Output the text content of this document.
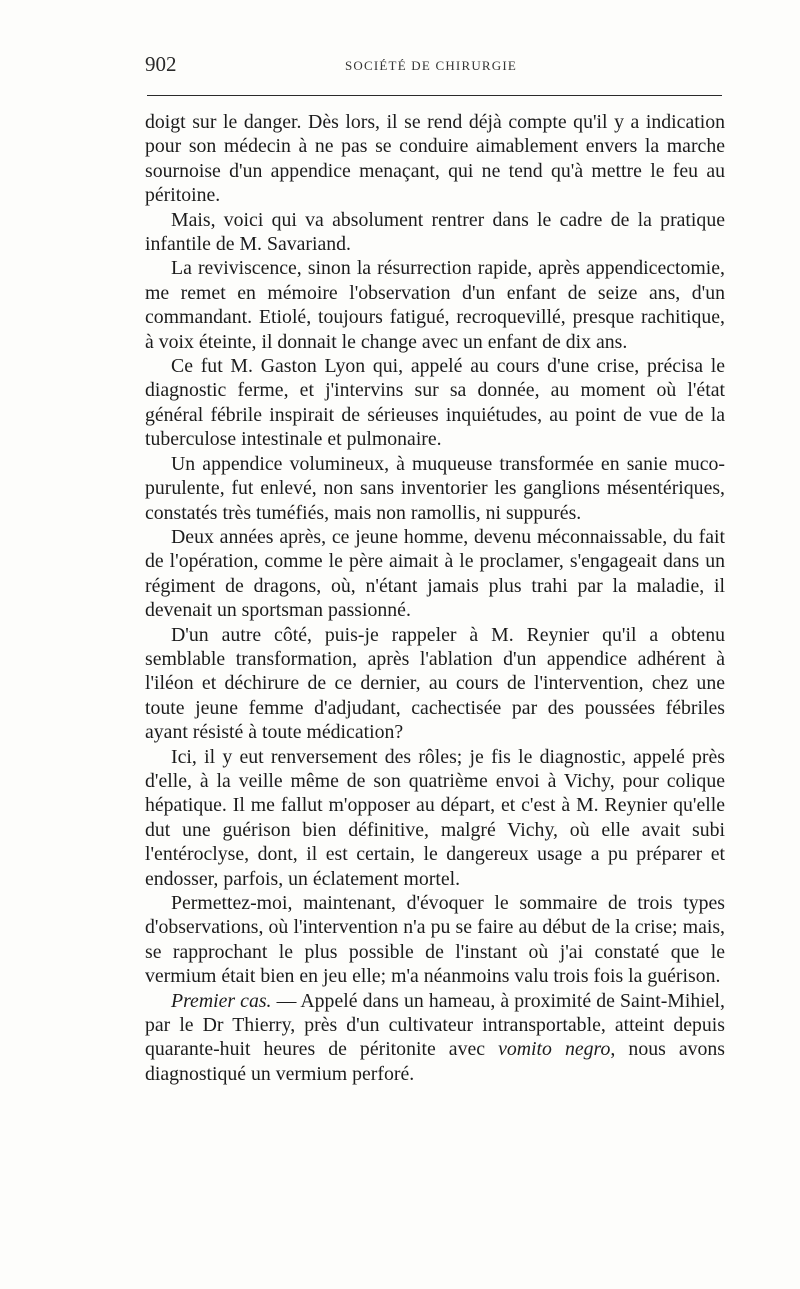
902	SOCIÉTÉ DE CHIRURGIE

doigt sur le danger. Dès lors, il se rend déjà compte qu'il y a indication pour son médecin à ne pas se conduire aimablement envers la marche sournoise d'un appendice menaçant, qui ne tend qu'à mettre le feu au péritoine.

Mais, voici qui va absolument rentrer dans le cadre de la pratique infantile de M. Savariand.

La reviviscence, sinon la résurrection rapide, après appendicectomie, me remet en mémoire l'observation d'un enfant de seize ans, d'un commandant. Etiolé, toujours fatigué, recroquevillé, presque rachitique, à voix éteinte, il donnait le change avec un enfant de dix ans.

Ce fut M. Gaston Lyon qui, appelé au cours d'une crise, précisa le diagnostic ferme, et j'intervins sur sa donnée, au moment où l'état général fébrile inspirait de sérieuses inquiétudes, au point de vue de la tuberculose intestinale et pulmonaire.

Un appendice volumineux, à muqueuse transformée en sanie muco-purulente, fut enlevé, non sans inventorier les ganglions mésentériques, constatés très tuméfiés, mais non ramollis, ni suppurés.

Deux années après, ce jeune homme, devenu méconnaissable, du fait de l'opération, comme le père aimait à le proclamer, s'engageait dans un régiment de dragons, où, n'étant jamais plus trahi par la maladie, il devenait un sportsman passionné.

D'un autre côté, puis-je rappeler à M. Reynier qu'il a obtenu semblable transformation, après l'ablation d'un appendice adhérent à l'iléon et déchirure de ce dernier, au cours de l'intervention, chez une toute jeune femme d'adjudant, cachectisée par des poussées fébriles ayant résisté à toute médication?

Ici, il y eut renversement des rôles; je fis le diagnostic, appelé près d'elle, à la veille même de son quatrième envoi à Vichy, pour colique hépatique. Il me fallut m'opposer au départ, et c'est à M. Reynier qu'elle dut une guérison bien définitive, malgré Vichy, où elle avait subi l'entéroclyse, dont, il est certain, le dangereux usage a pu préparer et endosser, parfois, un éclatement mortel.

Permettez-moi, maintenant, d'évoquer le sommaire de trois types d'observations, où l'intervention n'a pu se faire au début de la crise; mais, se rapprochant le plus possible de l'instant où j'ai constaté que le vermium était bien en jeu elle; m'a néanmoins valu trois fois la guérison.

Premier cas. — Appelé dans un hameau, à proximité de Saint-Mihiel, par le Dr Thierry, près d'un cultivateur intransportable, atteint depuis quarante-huit heures de péritonite avec vomito negro, nous avons diagnostiqué un vermium perforé.
